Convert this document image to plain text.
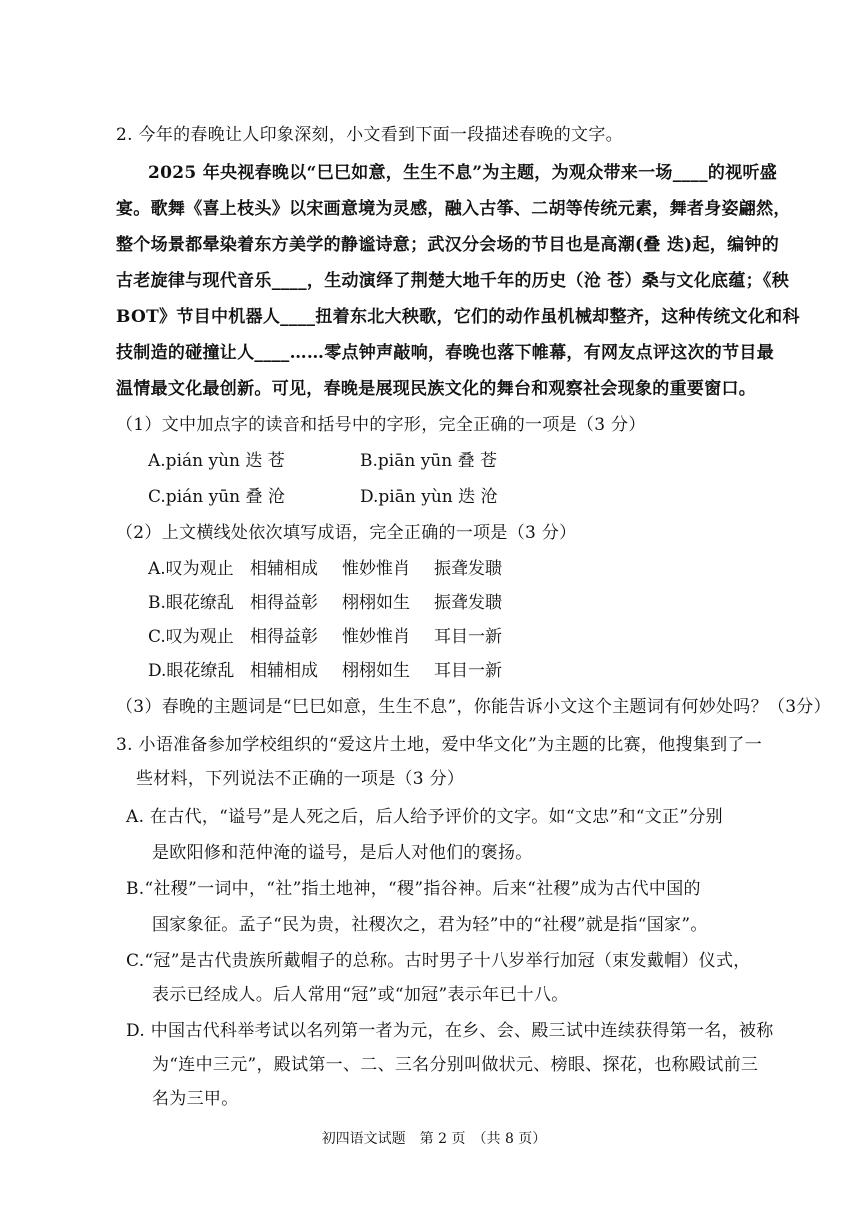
2. 今年的春晚让人印象深刻，小文看到下面一段描述春晚的文字。
2025 年央视春晚以“巳巳如意，生生不息”为主题，为观众带来一场____的视听盛
宴。歌舞《喜上枝头》以宋画意境为灵感，融入古筝、二胡等传统元素，舞者身姿翩然，
整个场景都晕染着东方美学的静谧诗意；武汉分会场的节目也是高潮(叠 迭)起，编钟的
古老旋律与现代音乐____，生动演绎了荆楚大地千年的历史（沧 苍）桑与文化底蕴；《秧
BOT》节目中机器人____扭着东北大秧歌，它们的动作虽机械却整齐，这种传统文化和科
技制造的碰撞让人____……零点钟声敲响，春晚也落下帷幕，有网友点评这次的节目最
温情最文化最创新。可见，春晚是展现民族文化的舞台和观察社会现象的重要窗口。
（1）文中加点字的读音和括号中的字形，完全正确的一项是（3 分）
A.pián yùn 迭 苍	B.piān yūn 叠 苍
C.pián yūn 叠 沧	D.piān yùn 迭 沧
（2）上文横线处依次填写成语，完全正确的一项是（3 分）
A.叹为观止 相辅相成 惟妙惟肖 振聋发聩
B.眼花缭乱 相得益彰 栩栩如生 振聋发聩
C.叹为观止 相得益彰 惟妙惟肖 耳目一新
D.眼花缭乱 相辅相成 栩栩如生 耳目一新
（3）春晚的主题词是“巳巳如意，生生不息”，你能告诉小文这个主题词有何妙处吗？（3分）
3. 小语准备参加学校组织的“爱这片土地，爱中华文化”为主题的比赛，他搜集到了一
些材料，下列说法不正确的一项是（3 分）
A. 在古代，“谥号”是人死之后，后人给予评价的文字。如“文忠”和“文正”分别
是欧阳修和范仲淹的谥号，是后人对他们的褒扬。
B.“社稷”一词中，“社”指土地神，“稷”指谷神。后来“社稷”成为古代中国的
国家象征。孟子“民为贵，社稷次之，君为轻”中的“社稷”就是指“国家”。
C.“冠”是古代贵族所戴帽子的总称。古时男子十八岁举行加冠（束发戴帽）仪式，
表示已经成人。后人常用“冠”或“加冠”表示年已十八。
D. 中国古代科举考试以名列第一者为元，在乡、会、殿三试中连续获得第一名，被称
为“连中三元”，殿试第一、二、三名分别叫做状元、榜眼、探花，也称殿试前三
名为三甲。
初四语文试题　第 2 页　（共 8 页）
